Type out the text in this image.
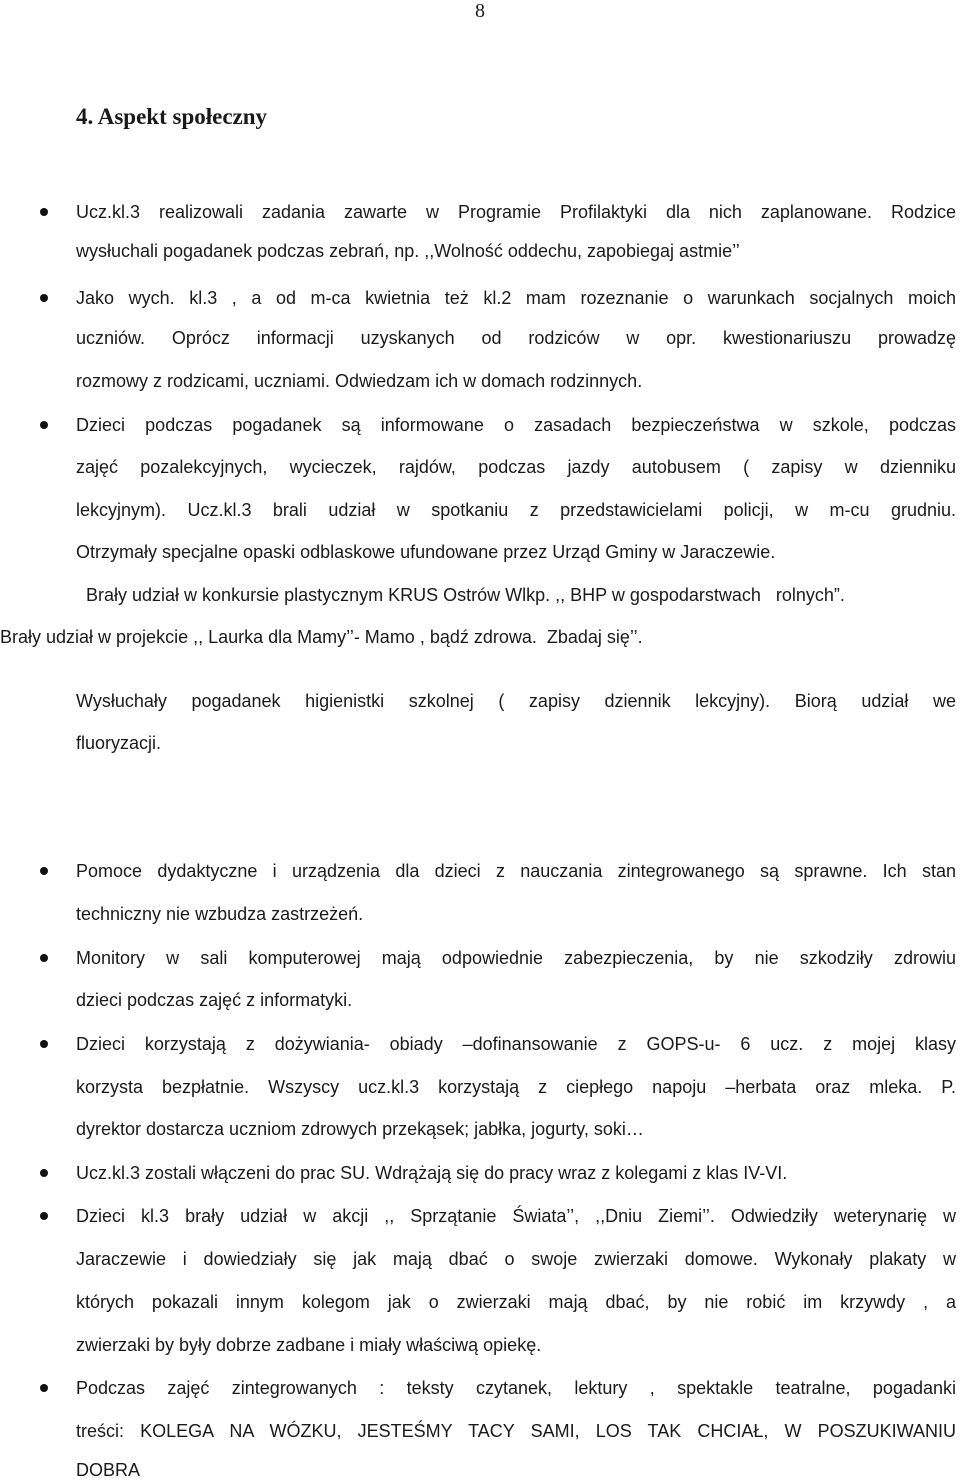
8
4. Aspekt społeczny
Ucz.kl.3 realizowali zadania zawarte w Programie Profilaktyki dla nich zaplanowane. Rodzice
wysłuchali pogadanek podczas zebrań, np. ,,Wolność oddechu, zapobiegaj astmie’’
Jako wych. kl.3 , a od m-ca kwietnia też kl.2 mam rozeznanie o warunkach socjalnych moich
uczniów. Oprócz informacji uzyskanych od rodziców w opr. kwestionariuszu prowadzę
rozmowy z rodzicami, uczniami. Odwiedzam ich w domach rodzinnych.
Dzieci podczas pogadanek są informowane o zasadach bezpieczeństwa w szkole, podczas
zajęć pozalekcyjnych, wycieczek, rajdów, podczas jazdy autobusem ( zapisy w dzienniku
lekcyjnym). Ucz.kl.3 brali udział w spotkaniu z przedstawicielami policji, w m-cu grudniu.
Otrzymały specjalne opaski odblaskowe ufundowane przez Urząd Gminy w Jaraczewie.
Brały udział w konkursie plastycznym KRUS Ostrów Wlkp. ,, BHP w gospodarstwach   rolnych”.
Brały udział w projekcie ,, Laurka dla Mamy’’- Mamo , bądź zdrowa.  Zbadaj się’’.
Wysłuchały pogadanek higienistki szkolnej ( zapisy dziennik lekcyjny). Biorą udział we
fluoryzacji.
Pomoce dydaktyczne i urządzenia dla dzieci z nauczania zintegrowanego są sprawne. Ich stan
techniczny nie wzbudza zastrzeżeń.
Monitory w sali komputerowej mają odpowiednie zabezpieczenia, by nie szkodziły zdrowiu
dzieci podczas zajęć z informatyki.
Dzieci korzystają z dożywiania- obiady –dofinansowanie z GOPS-u- 6 ucz. z mojej klasy
korzysta bezpłatnie. Wszyscy ucz.kl.3 korzystają z ciepłego napoju –herbata oraz mleka. P.
dyrektor dostarcza uczniom zdrowych przekąsek; jabłka, jogurty, soki…
Ucz.kl.3 zostali włączeni do prac SU. Wdrążają się do pracy wraz z kolegami z klas IV-VI.
Dzieci kl.3 brały udział w akcji ,, Sprzątanie Świata’’, ,,Dniu Ziemi’’. Odwiedziły weterynarię w
Jaraczewie i dowiedziały się jak mają dbać o swoje zwierzaki domowe. Wykonały plakaty w
których pokazali innym kolegom jak o zwierzaki mają dbać, by nie robić im krzywdy , a
zwierzaki by były dobrze zadbane i miały właściwą opiekę.
Podczas zajęć zintegrowanych : teksty czytanek, lektury , spektakle teatralne, pogadanki
treści: KOLEGA NA WÓZKU, JESTEŚMY TACY SAMI, LOS TAK CHCIAŁ, W POSZUKIWANIU
DOBRA
